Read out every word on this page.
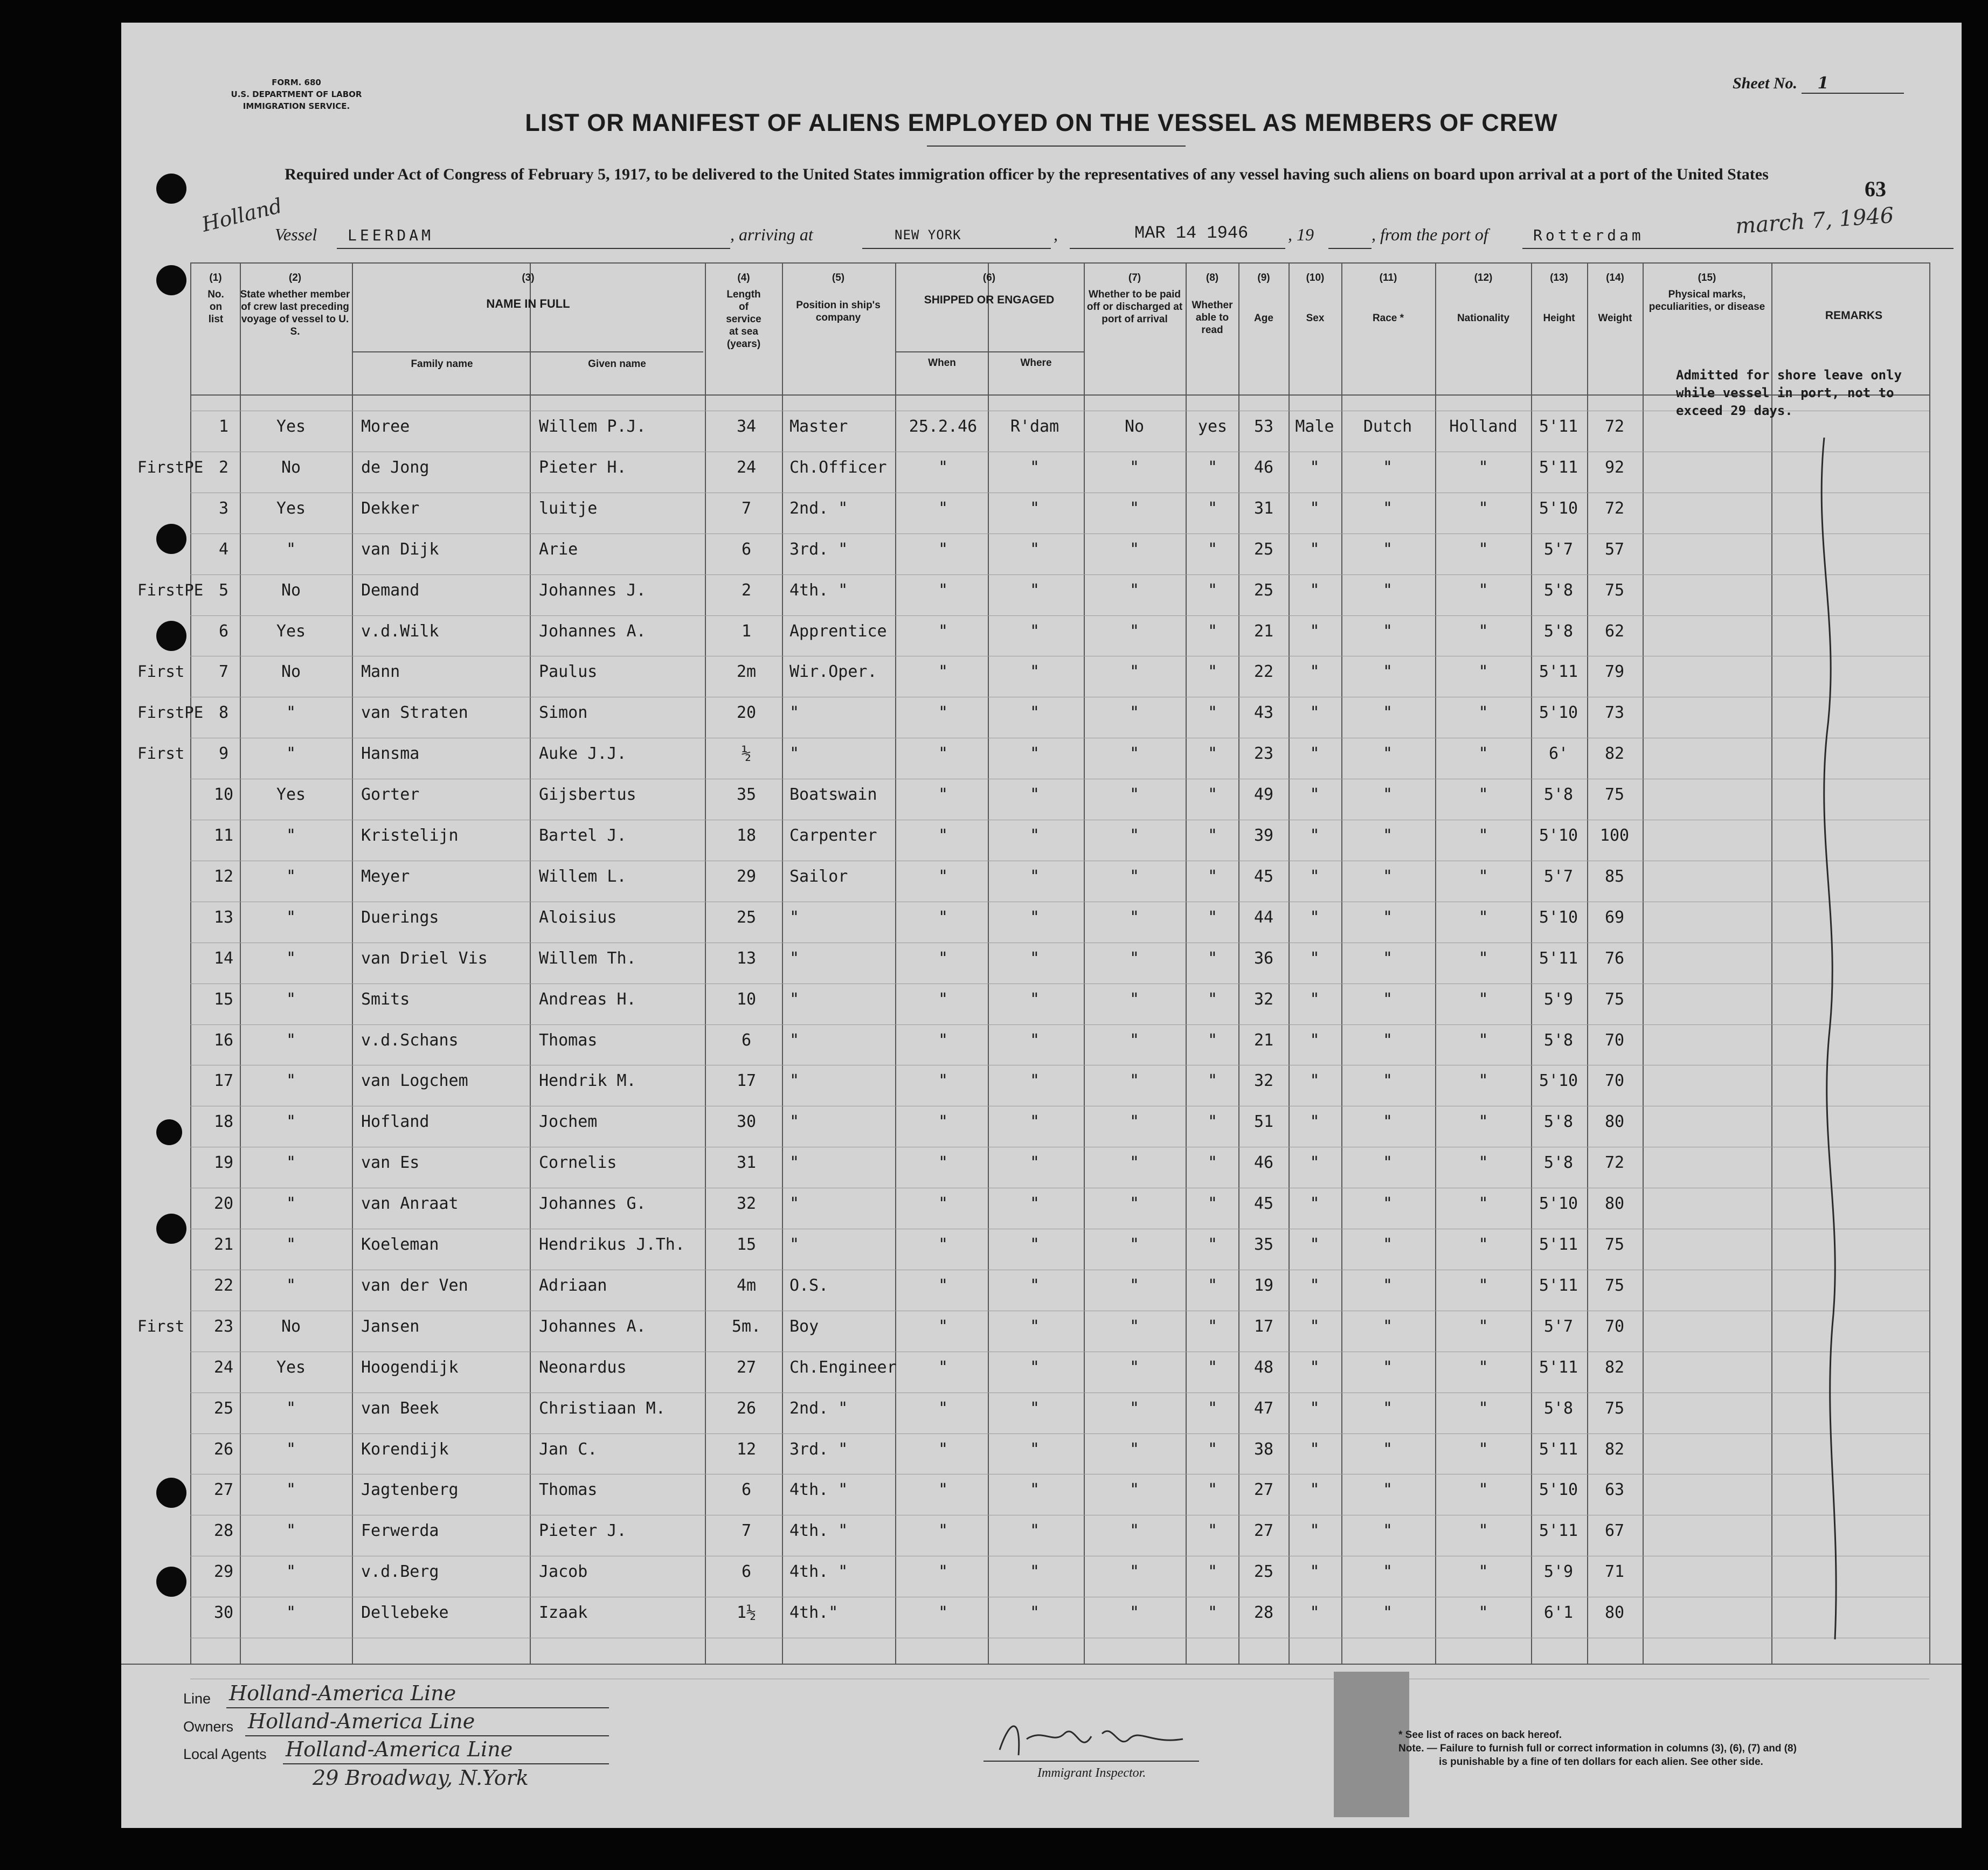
FORM. 680
U.S. DEPARTMENT OF LABOR
IMMIGRATION SERVICE.
Sheet No. 1
LIST OR MANIFEST OF ALIENS EMPLOYED ON THE VESSEL AS MEMBERS OF CREW
Required under Act of Congress of February 5, 1917, to be delivered to the United States immigration officer by the representatives of any vessel having such aliens on board upon arrival at a port of the United States
63
Holland
Vessel LEERDAM	, arriving at	NEW YORK	,	MAR 14 1946 , 19	, from the port of	Rotterdam	march 7, 1946
(1)
No. on list
(2)
State whether member of crew last preceding voyage of vessel to U. S.
(3)
NAME IN FULL
Family name	Given name
(4)
Length of service at sea (years)
(5)
Position in ship's company
(6)
SHIPPED OR ENGAGED
When	Where
(7)
Whether to be paid off or discharged at port of arrival
(8)
Whether able to read
(9)
Age
(10)
Sex
(11)
Race *
(12)
Nationality
(13)
Height
(14)
Weight
(15)
Physical marks, peculiarities, or disease
REMARKS
1	Yes	Moree	Willem P.J.	34	Master	25.2.46	R'dam	No	yes	53	Male	Dutch	Holland	5'11	72
FirstPE 2	No	de Jong	Pieter H.	24	Ch.Officer	"	"	"	"	46	"	"	"	5'11	92
3	Yes	Dekker	luitje	7	2nd. "	"	"	"	"	31	"	"	"	5'10	72
4	"	van Dijk	Arie	6	3rd. "	"	"	"	"	25	"	"	"	5'7	57
FirstPE 5	No	Demand	Johannes J.	2	4th. "	"	"	"	"	25	"	"	"	5'8	75
6	Yes	v.d.Wilk	Johannes A.	1	Apprentice	"	"	"	"	21	"	"	"	5'8	62
First	7	No	Mann	Paulus	2m	Wir.Oper.	"	"	"	"	22	"	"	"	5'11	79
FirstPE 8	"	van Straten	Simon	20	"	"	"	"	"	43	"	"	"	5'10	73
First	9	"	Hansma	Auke J.J.	½	"	"	"	"	"	23	"	"	"	6'	82
10	Yes	Gorter	Gijsbertus	35	Boatswain	"	"	"	"	49	"	"	"	5'8	75
11	"	Kristelijn	Bartel J.	18	Carpenter	"	"	"	"	39	"	"	"	5'10	100
12	"	Meyer	Willem L.	29	Sailor	"	"	"	"	45	"	"	"	5'7	85
13	"	Duerings	Aloisius	25	"	"	"	"	"	44	"	"	"	5'10	69
14	"	van Driel Vis	Willem Th.	13	"	"	"	"	"	36	"	"	"	5'11	76
15	"	Smits	Andreas H.	10	"	"	"	"	"	32	"	"	"	5'9	75
16	"	v.d.Schans	Thomas	6	"	"	"	"	"	21	"	"	"	5'8	70
17	"	van Logchem	Hendrik M.	17	"	"	"	"	"	32	"	"	"	5'10	70
18	"	Hofland	Jochem	30	"	"	"	"	"	51	"	"	"	5'8	80
19	"	van Es	Cornelis	31	"	"	"	"	"	46	"	"	"	5'8	72
20	"	van Anraat	Johannes G.	32	"	"	"	"	"	45	"	"	"	5'10	80
21	"	Koeleman	Hendrikus J.Th.	15	"	"	"	"	"	35	"	"	"	5'11	75
22	"	van der Ven	Adriaan	4m	O.S.	"	"	"	"	19	"	"	"	5'11	75
First 23	No	Jansen	Johannes A.	5m.	Boy	"	"	"	"	17	"	"	"	5'7	70
24	Yes	Hoogendijk	Neonardus	27	Ch.Engineer	"	"	"	"	48	"	"	"	5'11	82
25	"	van Beek	Christiaan M.	26	2nd. "	"	"	"	"	47	"	"	"	5'8	75
26	"	Korendijk	Jan C.	12	3rd. "	"	"	"	"	38	"	"	"	5'11	82
27	"	Jagtenberg	Thomas	6	4th. "	"	"	"	"	27	"	"	"	5'10	63
28	"	Ferwerda	Pieter J.	7	4th. "	"	"	"	"	27	"	"	"	5'11	67
29	"	v.d.Berg	Jacob	6	4th. "	"	"	"	"	25	"	"	"	5'9	71
30	"	Dellebeke	Izaak	1½	4th."	"	"	"	"	28	"	"	"	6'1	80
Admitted for shore leave only while vessel in port, not to exceed 29 days.
Line Holland-America Line
Owners Holland-America Line
Local Agents Holland-America Line
29 Broadway, N.York	Immigrant Inspector.
* See list of races on back hereof.
Note. — Failure to furnish full or correct information in columns (3), (6), (7) and (8)
is punishable by a fine of ten dollars for each alien. See other side.
